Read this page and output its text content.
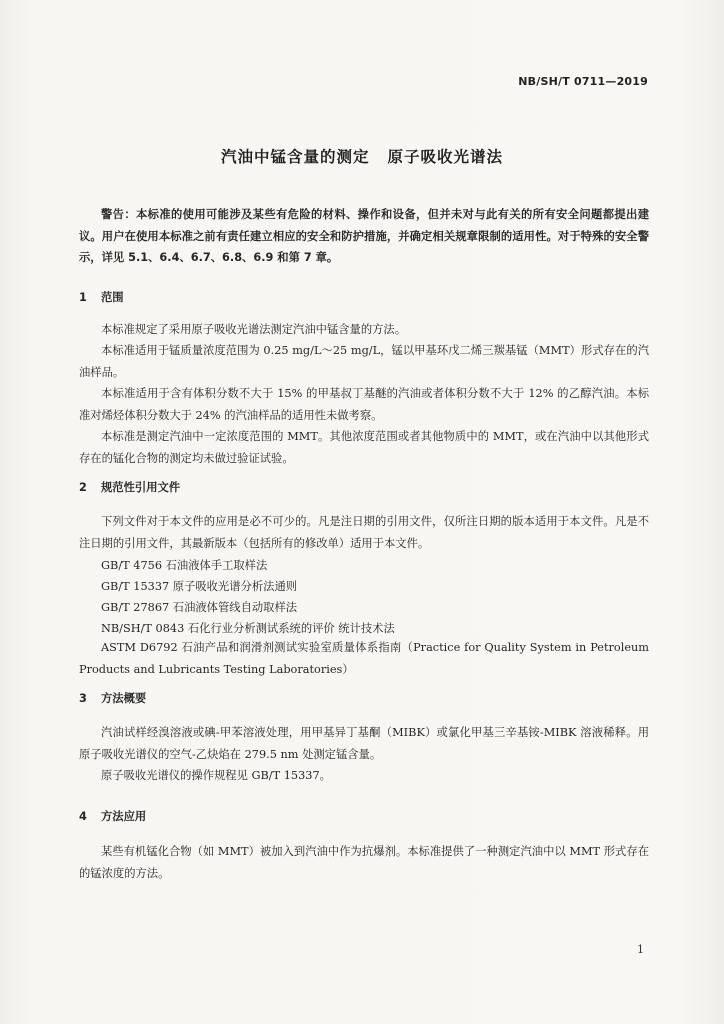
NB/SH/T 0711—2019
汽油中锰含量的测定 原子吸收光谱法
警告：本标准的使用可能涉及某些有危险的材料、操作和设备，但并未对与此有关的所有安全问题都提出建议。用户在使用本标准之前有责任建立相应的安全和防护措施，并确定相关规章限制的适用性。对于特殊的安全警示，详见 5.1、6.4、6.7、6.8、6.9 和第 7 章。
1 范围
本标准规定了采用原子吸收光谱法测定汽油中锰含量的方法。
本标准适用于锰质量浓度范围为 0.25 mg/L～25 mg/L，锰以甲基环戊二烯三羰基锰（MMT）形式存在的汽油样品。
本标准适用于含有体积分数不大于 15% 的甲基叔丁基醚的汽油或者体积分数不大于 12% 的乙醇汽油。本标准对烯烃体积分数大于 24% 的汽油样品的适用性未做考察。
本标准是测定汽油中一定浓度范围的 MMT。其他浓度范围或者其他物质中的 MMT，或在汽油中以其他形式存在的锰化合物的测定均未做过验证试验。
2 规范性引用文件
下列文件对于本文件的应用是必不可少的。凡是注日期的引用文件，仅所注日期的版本适用于本文件。凡是不注日期的引用文件，其最新版本（包括所有的修改单）适用于本文件。
GB/T 4756 石油液体手工取样法
GB/T 15337 原子吸收光谱分析法通则
GB/T 27867 石油液体管线自动取样法
NB/SH/T 0843 石化行业分析测试系统的评价 统计技术法
ASTM D6792 石油产品和润滑剂测试实验室质量体系指南（Practice for Quality System in Petroleum Products and Lubricants Testing Laboratories）
3 方法概要
汽油试样经溴溶液或碘-甲苯溶液处理，用甲基异丁基酮（MIBK）或氯化甲基三辛基铵-MIBK 溶液稀释。用原子吸收光谱仪的空气-乙炔焰在 279.5 nm 处测定锰含量。
原子吸收光谱仪的操作规程见 GB/T 15337。
4 方法应用
某些有机锰化合物（如 MMT）被加入到汽油中作为抗爆剂。本标准提供了一种测定汽油中以 MMT 形式存在的锰浓度的方法。
1
